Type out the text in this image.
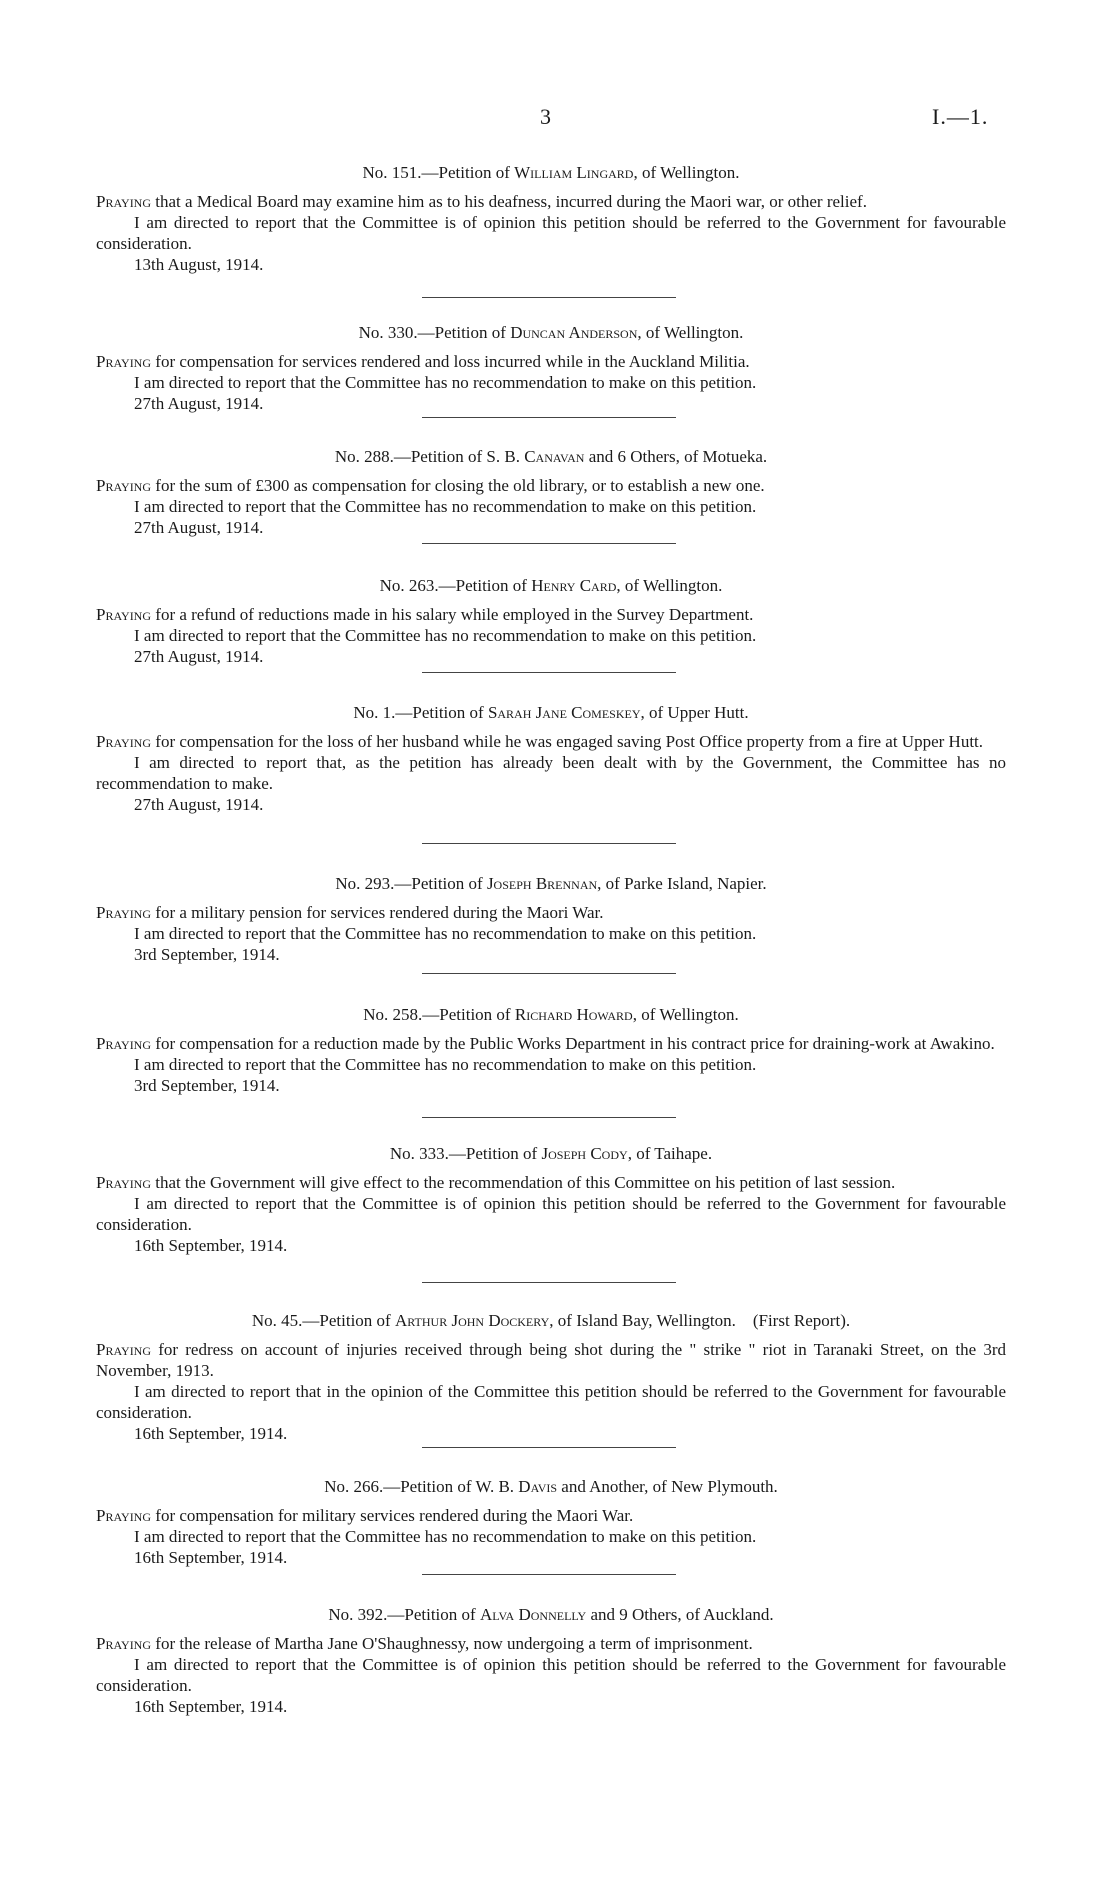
3	I.—1.
No. 151.—Petition of William Lingard, of Wellington.

Praying that a Medical Board may examine him as to his deafness, incurred during the Maori war, or other relief.

I am directed to report that the Committee is of opinion this petition should be referred to the Government for favourable consideration.

13th August, 1914.
No. 330.—Petition of Duncan Anderson, of Wellington.

Praying for compensation for services rendered and loss incurred while in the Auckland Militia.

I am directed to report that the Committee has no recommendation to make on this petition.

27th August, 1914.
No. 288.—Petition of S. B. Canavan and 6 Others, of Motueka.

Praying for the sum of £300 as compensation for closing the old library, or to establish a new one.

I am directed to report that the Committee has no recommendation to make on this petition.

27th August, 1914.
No. 263.—Petition of Henry Card, of Wellington.

Praying for a refund of reductions made in his salary while employed in the Survey Department.

I am directed to report that the Committee has no recommendation to make on this petition.

27th August, 1914.
No. 1.—Petition of Sarah Jane Comeskey, of Upper Hutt.

Praying for compensation for the loss of her husband while he was engaged saving Post Office property from a fire at Upper Hutt.

I am directed to report that, as the petition has already been dealt with by the Government, the Committee has no recommendation to make.

27th August, 1914.
No. 293.—Petition of Joseph Brennan, of Parke Island, Napier.

Praying for a military pension for services rendered during the Maori War.

I am directed to report that the Committee has no recommendation to make on this petition.

3rd September, 1914.
No. 258.—Petition of Richard Howard, of Wellington.

Praying for compensation for a reduction made by the Public Works Department in his contract price for draining-work at Awakino.

I am directed to report that the Committee has no recommendation to make on this petition.

3rd September, 1914.
No. 333.—Petition of Joseph Cody, of Taihape.

Praying that the Government will give effect to the recommendation of this Committee on his petition of last session.

I am directed to report that the Committee is of opinion this petition should be referred to the Government for favourable consideration.

16th September, 1914.
No. 45.—Petition of Arthur John Dockery, of Island Bay, Wellington.    (First Report).

Praying for redress on account of injuries received through being shot during the " strike " riot in Taranaki Street, on the 3rd November, 1913.

I am directed to report that in the opinion of the Committee this petition should be referred to the Government for favourable consideration.

16th September, 1914.
No. 266.—Petition of W. B. Davis and Another, of New Plymouth.

Praying for compensation for military services rendered during the Maori War.

I am directed to report that the Committee has no recommendation to make on this petition.

16th September, 1914.
No. 392.—Petition of Alva Donnelly and 9 Others, of Auckland.

Praying for the release of Martha Jane O'Shaughnessy, now undergoing a term of imprisonment.

I am directed to report that the Committee is of opinion this petition should be referred to the Government for favourable consideration.

16th September, 1914.
